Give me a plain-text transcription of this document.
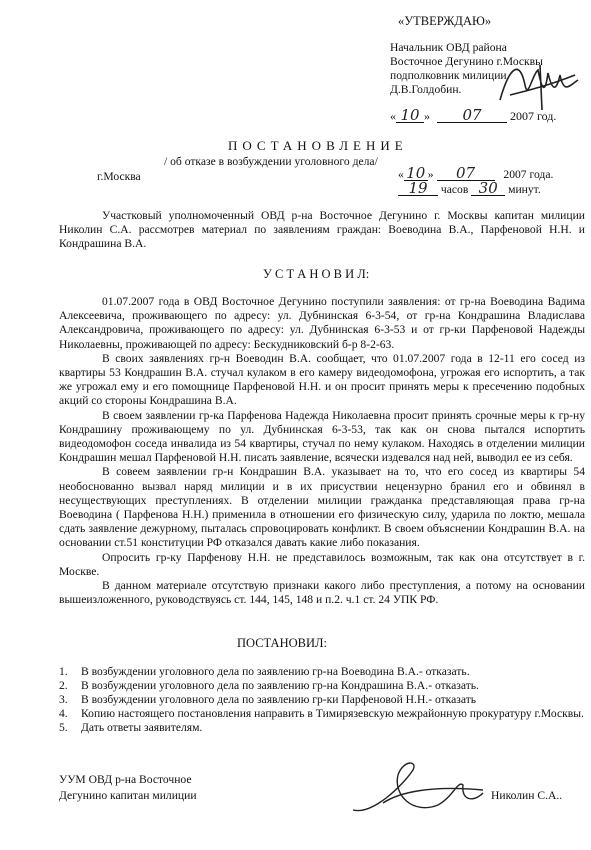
«УТВЕРЖДАЮ»
Начальник ОВД района
Восточное Дегунино г.Москвы
подполковник милиции
Д.В.Голдобин.
« 10 » 07 2007 год.
ПОСТАНОВЛЕНИЕ
/ об отказе в возбуждении уголовного дела/
г.Москва	« 10 » 07 2007 года.
19 часов 30 минут.

Участковый уполномоченный ОВД р-на Восточное Дегунино г. Москвы капитан милиции Николин С.А. рассмотрев материал по заявлениям граждан: Воеводина В.А., Парфеновой Н.Н. и Кондрашина В.А.

У С Т А Н О В И Л:

01.07.2007 года в ОВД Восточное Дегунино поступили заявления: от гр-на Воеводина Вадима Алексеевича, проживающего по адресу: ул. Дубнинская 6-3-54, от гр-на Кондрашина Владислава Александровича, проживающего по адресу: ул. Дубнинская 6-3-53 и от гр-ки Парфеновой Надежды Николаевны, проживающей по адресу: Бескудниковский б-р 8-2-63.

В своих заявлениях гр-н Воеводин В.А. сообщает, что 01.07.2007 года в 12-11 его сосед из квартиры 53 Кондрашин В.А. стучал кулаком в его камеру видеодомофона, угрожая его испортить, а так же угрожал ему и его помощнице Парфеновой Н.Н. и он просит принять меры к пресечению подобных акций со стороны Кондрашина В.А.

В своем заявлении гр-ка Парфенова Надежда Николаевна просит принять срочные меры к гр-ну Кондрашину проживающему по ул. Дубнинская 6-3-53, так как он снова пытался испортить видеодомофон соседа инвалида из 54 квартиры, стучал по нему кулаком. Находясь в отделении милиции Кондрашин мешал Парфеновой Н.Н. писать заявление, всячески издевался над ней, выводил ее из себя.

В совеем заявлении гр-н Кондрашин В.А. указывает на то, что его сосед из квартиры 54 необоснованно вызвал наряд милиции и в их присуствии нецензурно бранил его и обвинял в несуществующих преступлениях. В отделении милиции гражданка представляющая права гр-на Воеводина ( Парфенова Н.Н.) применила в отношении его физическую силу, ударила по локтю, мешала сдать заявление дежурному, пыталась спровоцировать конфликт. В своем объяснении Кондрашин В.А. на основании ст.51 конституции РФ отказался давать какие либо показания.

Опросить гр-ку Парфенову Н.Н. не представилось возможным, так как она отсутствует в г. Москве.

В данном материале отсутствую признаки какого либо преступления, а потому на основании вышеизложенного, руководствуясь ст. 144, 145, 148 и п.2. ч.1 ст. 24 УПК РФ.

ПОСТАНОВИЛ:
1.	В возбуждении уголовного дела по заявлению гр-на Воеводина В.А.- отказать.
2.	В возбуждении уголовного дела по заявлению гр-на Кондрашина В.А.- отказать.
3.	В возбуждении уголовного дела по заявлению гр-ки Парфеновой Н.Н.- отказать
4.	Копию настоящего постановления направить в Тимирязевскую межрайонную прокуратуру г.Москвы.
5.	Дать ответы заявителям.
УУМ ОВД р-на Восточное
Дегунино капитан милиции	Николин С.А..
